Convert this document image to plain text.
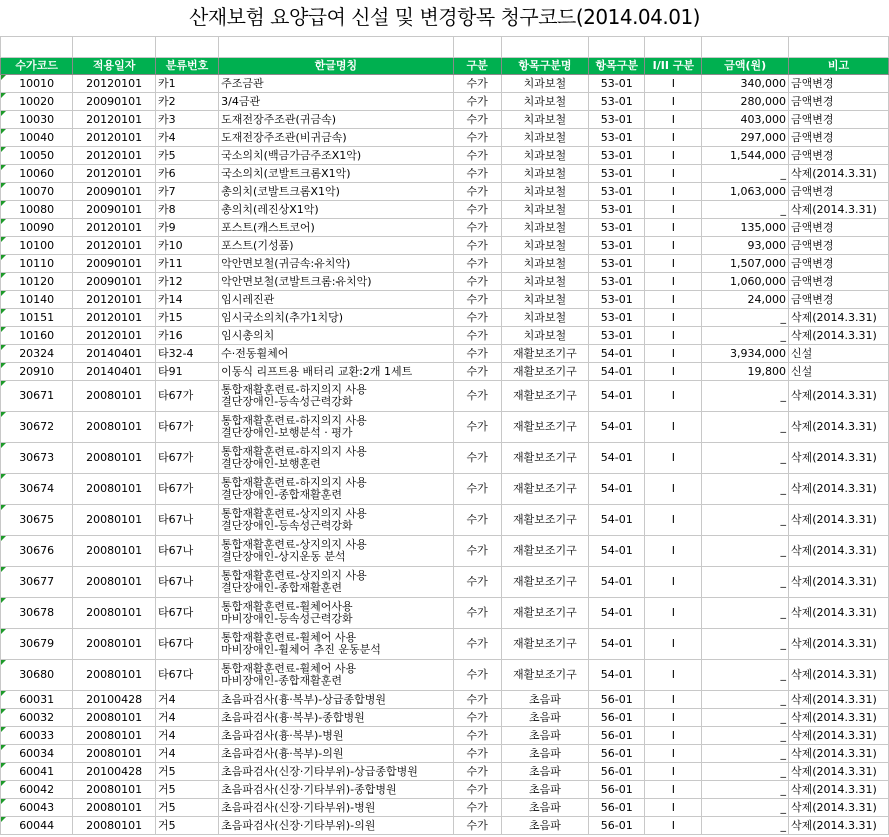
산재보험 요양급여 신설 및 변경항목 청구코드(2014.04.01)

수가코드	적용일자	분류번호	한글명칭	구분	항목구분명	항목구분	I/II 구분	금액(원)	비고
10010	20120101	카1	주조금관	수가	치과보철	53-01	I	340,000	금액변경
10020	20090101	카2	3/4금관	수가	치과보철	53-01	I	280,000	금액변경
10030	20120101	카3	도재전장주조관(귀금속)	수가	치과보철	53-01	I	403,000	금액변경
10040	20120101	카4	도재전장주조관(비귀금속)	수가	치과보철	53-01	I	297,000	금액변경
10050	20120101	카5	국소의치(백금가금주조X1악)	수가	치과보철	53-01	I	1,544,000	금액변경
10060	20120101	카6	국소의치(코발트크롬X1악)	수가	치과보철	53-01	I	_	삭제(2014.3.31)
10070	20090101	카7	총의치(코발트크롬X1악)	수가	치과보철	53-01	I	1,063,000	금액변경
10080	20090101	카8	총의치(레진상X1악)	수가	치과보철	53-01	I	_	삭제(2014.3.31)
10090	20120101	카9	포스트(캐스트코어)	수가	치과보철	53-01	I	135,000	금액변경
10100	20120101	카10	포스트(기성품)	수가	치과보철	53-01	I	93,000	금액변경
10110	20090101	카11	악안면보철(귀금속:유치악)	수가	치과보철	53-01	I	1,507,000	금액변경
10120	20090101	카12	악안면보철(코발트크롬:유치악)	수가	치과보철	53-01	I	1,060,000	금액변경
10140	20120101	카14	임시레진관	수가	치과보철	53-01	I	24,000	금액변경
10151	20120101	카15	임시국소의치(추가1치당)	수가	치과보철	53-01	I	_	삭제(2014.3.31)
10160	20120101	카16	임시총의치	수가	치과보철	53-01	I	_	삭제(2014.3.31)
20324	20140401	타32-4	수·전동휠체어	수가	재활보조기구	54-01	I	3,934,000	신설
20910	20140401	타91	이동식 리프트용 배터리 교환:2개 1세트	수가	재활보조기구	54-01	I	19,800	신설
30671	20080101	타67가	통합재활훈련료-하지의지 사용
결단장애인-등속성근력강화	수가	재활보조기구	54-01	I	_	삭제(2014.3.31)
30672	20080101	타67가	통합재활훈련료-하지의지 사용
결단장애인-보행분석 · 평가	수가	재활보조기구	54-01	I	_	삭제(2014.3.31)
30673	20080101	타67가	통합재활훈련료-하지의지 사용
결단장애인-보행훈련	수가	재활보조기구	54-01	I	_	삭제(2014.3.31)
30674	20080101	타67가	통합재활훈련료-하지의지 사용
결단장애인-종합재활훈련	수가	재활보조기구	54-01	I	_	삭제(2014.3.31)
30675	20080101	타67나	통합재활훈련료-상지의지 사용
결단장애인-등속성근력강화	수가	재활보조기구	54-01	I	_	삭제(2014.3.31)
30676	20080101	타67나	통합재활훈련료-상지의지 사용
결단장애인-상지운동 분석	수가	재활보조기구	54-01	I	_	삭제(2014.3.31)
30677	20080101	타67나	통합재활훈련료-상지의지 사용
결단장애인-종합재활훈련	수가	재활보조기구	54-01	I	_	삭제(2014.3.31)
30678	20080101	타67다	통합재활훈련료-휠체어사용
마비장애인-등속성근력강화	수가	재활보조기구	54-01	I	_	삭제(2014.3.31)
30679	20080101	타67다	통합재활훈련료-휠체어 사용
마비장애인-휠체어 추진 운동분석	수가	재활보조기구	54-01	I	_	삭제(2014.3.31)
30680	20080101	타67다	통합재활훈련료-휠체어 사용
마비장애인-종합재활훈련	수가	재활보조기구	54-01	I	_	삭제(2014.3.31)
60031	20100428	거4	초음파검사(흉·복부)-상급종합병원	수가	초음파	56-01	I	_	삭제(2014.3.31)
60032	20080101	거4	초음파검사(흉·복부)-종합병원	수가	초음파	56-01	I	_	삭제(2014.3.31)
60033	20080101	거4	초음파검사(흉·복부)-병원	수가	초음파	56-01	I	_	삭제(2014.3.31)
60034	20080101	거4	초음파검사(흉·복부)-의원	수가	초음파	56-01	I	_	삭제(2014.3.31)
60041	20100428	거5	초음파검사(신장·기타부위)-상급종합병원	수가	초음파	56-01	I	_	삭제(2014.3.31)
60042	20080101	거5	초음파검사(신장·기타부위)-종합병원	수가	초음파	56-01	I	_	삭제(2014.3.31)
60043	20080101	거5	초음파검사(신장·기타부위)-병원	수가	초음파	56-01	I	_	삭제(2014.3.31)
60044	20080101	거5	초음파검사(신장·기타부위)-의원	수가	초음파	56-01	I	_	삭제(2014.3.31)
